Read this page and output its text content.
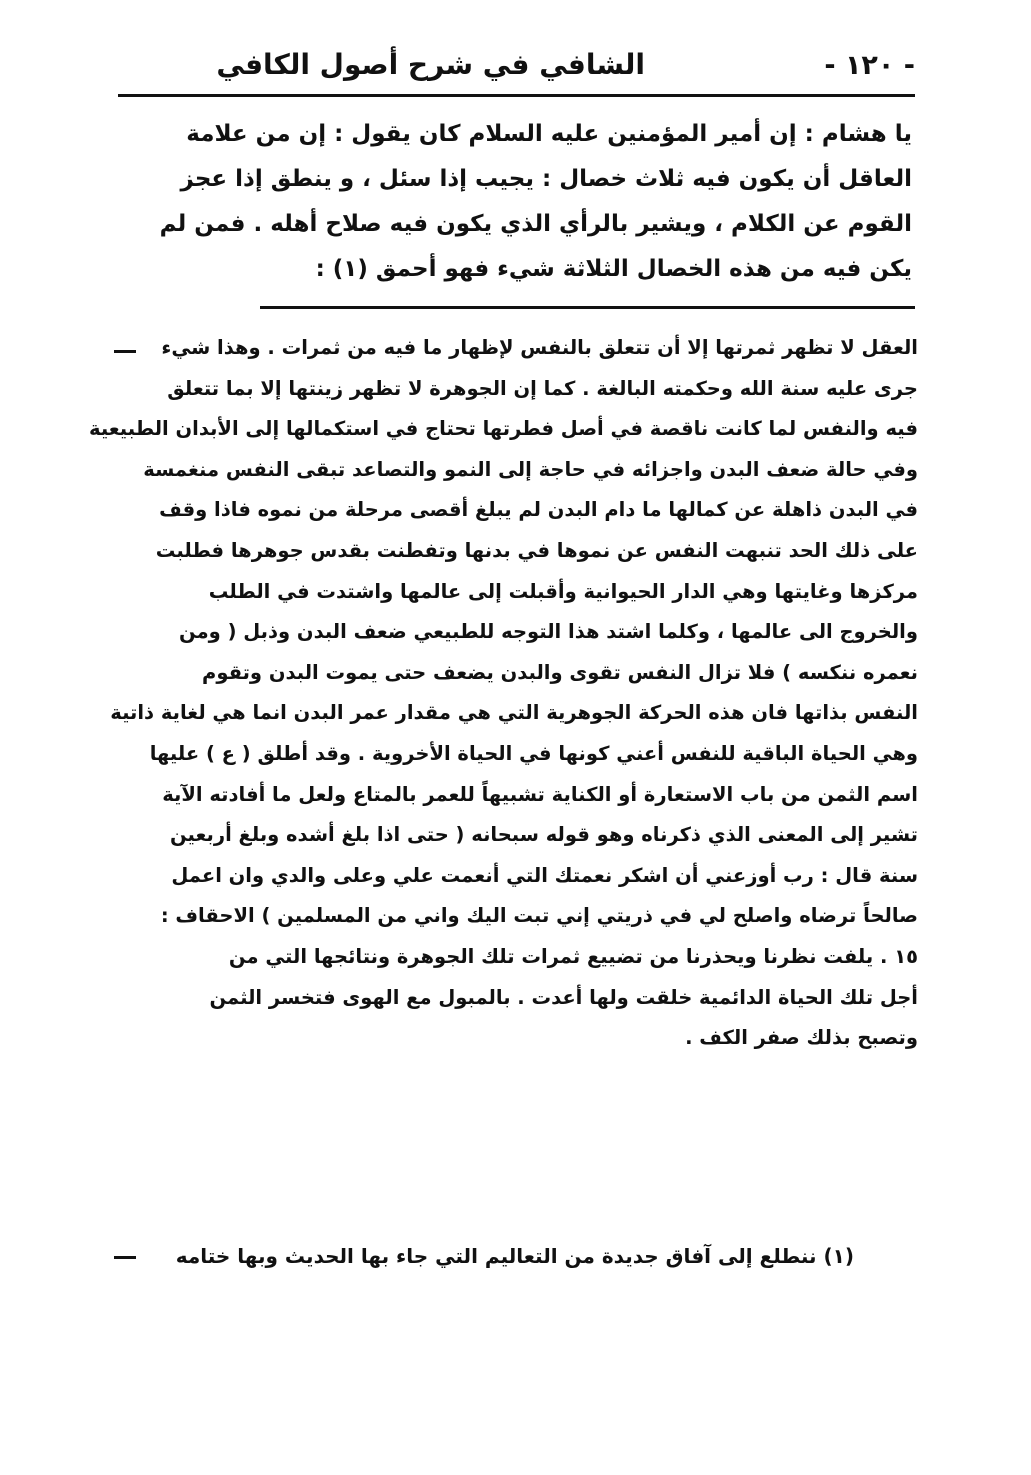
- ١٢٠ -
الشافي في شرح أصول الكافي

يا هشام : إن أمير المؤمنين عليه السلام كان يقول : إن من علامة

العاقل أن يكون فيه ثلاث خصال : يجيب إذا سئل ، و ينطق إذا عجز

القوم عن الكلام ، ويشير بالرأي الذي يكون فيه صلاح أهله . فمن لم

يكن فيه من هذه الخصال الثلاثة شيء فهو أحمق (١) :

العقل لا تظهر ثمرتها إلا أن تتعلق بالنفس لإظهار ما فيه من ثمرات . وهذا شيء

جرى عليه سنة الله وحكمته البالغة . كما إن الجوهرة لا تظهر زينتها إلا بما تتعلق

فيه والنفس لما كانت ناقصة في أصل فطرتها تحتاج في استكمالها إلى الأبدان الطبيعية

وفي حالة ضعف البدن واجزائه في حاجة إلى النمو والتصاعد تبقى النفس منغمسة

في البدن ذاهلة عن كمالها ما دام البدن لم يبلغ أقصى مرحلة من نموه فاذا وقف

على ذلك الحد تنبهت النفس عن نموها في بدنها وتفطنت بقدس جوهرها فطلبت

مركزها وغايتها وهي الدار الحيوانية وأقبلت إلى عالمها واشتدت في الطلب

والخروج الى عالمها ، وكلما اشتد هذا التوجه للطبيعي ضعف البدن وذبل ( ومن

نعمره ننكسه ) فلا تزال النفس تقوى والبدن يضعف حتى يموت البدن وتقوم

النفس بذاتها فان هذه الحركة الجوهرية التي هي مقدار عمر البدن انما هي لغاية ذاتية

وهي الحياة الباقية للنفس أعني كونها في الحياة الأخروية . وقد أطلق ( ع ) عليها

اسم الثمن من باب الاستعارة أو الكناية تشبيهاً للعمر بالمتاع ولعل ما أفادته الآية

تشير إلى المعنى الذي ذكرناه وهو قوله سبحانه ( حتى اذا بلغ أشده وبلغ أربعين

سنة قال : رب أوزعني أن اشكر نعمتك التي أنعمت علي وعلى والدي وان اعمل

صالحاً ترضاه واصلح لي في ذريتي إني تبت اليك واني من المسلمين ) الاحقاف :

١٥ . يلفت نظرنا ويحذرنا من تضييع ثمرات تلك الجوهرة ونتائجها التي من

أجل تلك الحياة الدائمية خلقت ولها أعدت . بالمبول مع الهوى فتخسر الثمن

وتصبح بذلك صفر الكف .

(١) ننطلع إلى آفاق جديدة من التعاليم التي جاء بها الحديث وبها ختامه
